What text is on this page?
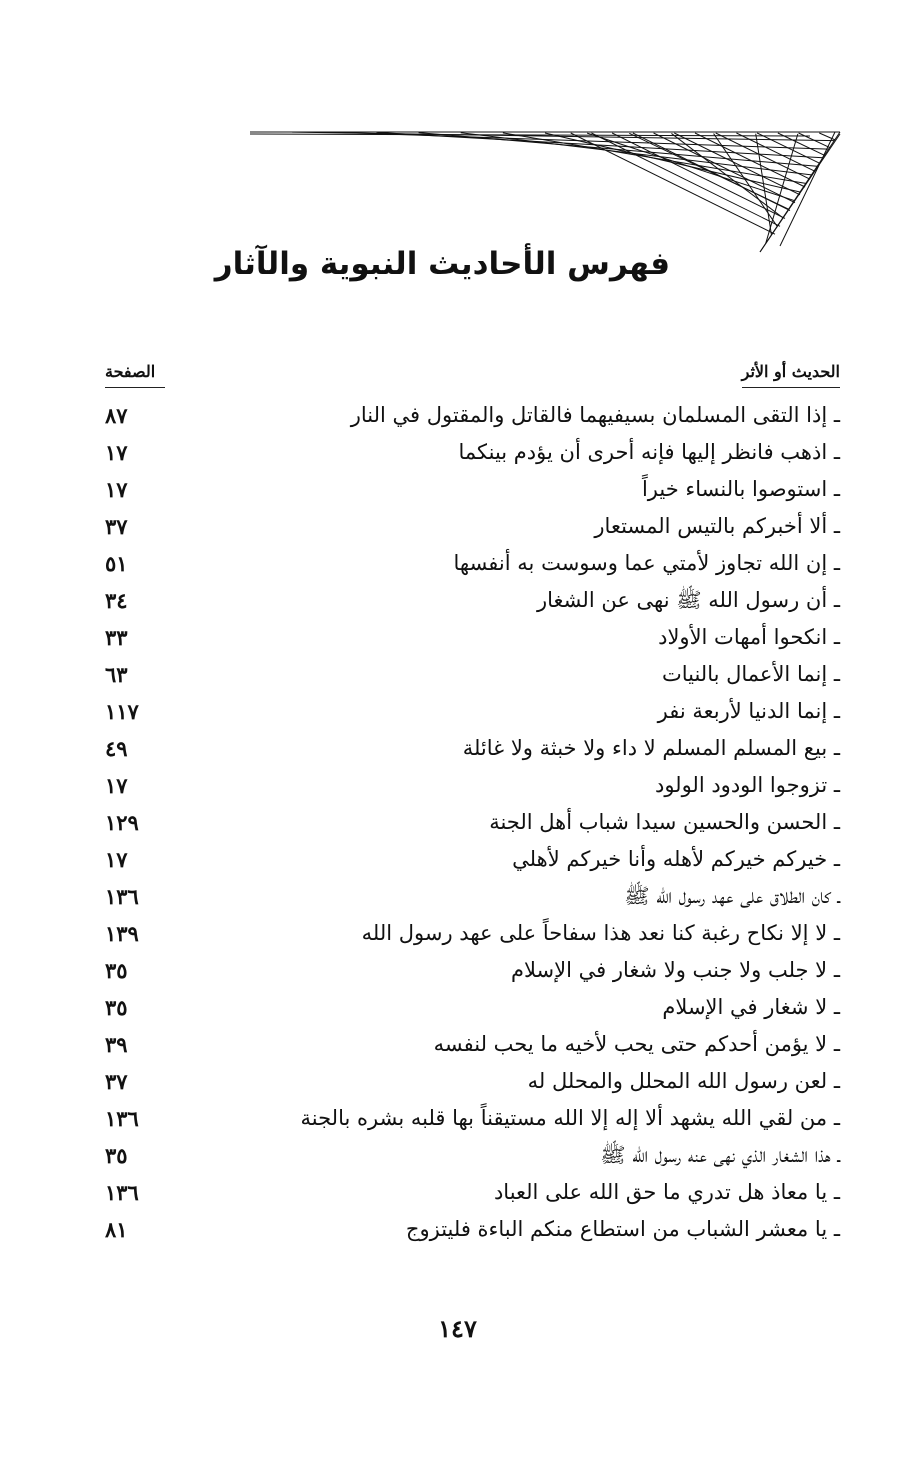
فهرس الأحاديث النبوية والآثار
الحديث أو الأثر
الصفحة
ـ إذا التقى المسلمان بسيفيهما فالقاتل والمقتول في النار
٨٧
ـ اذهب فانظر إليها فإنه أحرى أن يؤدم بينكما
١٧
ـ استوصوا بالنساء خيراً
١٧
ـ ألا أخبركم بالتيس المستعار
٣٧
ـ إن الله تجاوز لأمتي عما وسوست به أنفسها
٥١
ـ أن رسول الله ﷺ نهى عن الشغار
٣٤
ـ انكحوا أمهات الأولاد
٣٣
ـ إنما الأعمال بالنيات
٦٣
ـ إنما الدنيا لأربعة نفر
١١٧
ـ بيع المسلم المسلم لا داء ولا خبثة ولا غائلة
٤٩
ـ تزوجوا الودود الولود
١٧
ـ الحسن والحسين سيدا شباب أهل الجنة
١٢٩
ـ خيركم خيركم لأهله وأنا خيركم لأهلي
١٧
ـ كان الطلاق على عهد رسول الله ﷺ
١٣٦
ـ لا إلا نكاح رغبة كنا نعد هذا سفاحاً على عهد رسول الله
١٣٩
ـ لا جلب ولا جنب ولا شغار في الإسلام
٣٥
ـ لا شغار في الإسلام
٣٥
ـ لا يؤمن أحدكم حتى يحب لأخيه ما يحب لنفسه
٣٩
ـ لعن رسول الله المحلل والمحلل له
٣٧
ـ من لقي الله يشهد ألا إله إلا الله مستيقناً بها قلبه بشره بالجنة
١٣٦
ـ هذا الشغار الذي نهى عنه رسول الله ﷺ
٣٥
ـ يا معاذ هل تدري ما حق الله على العباد
١٣٦
ـ يا معشر الشباب من استطاع منكم الباءة فليتزوج
٨١
١٤٧
